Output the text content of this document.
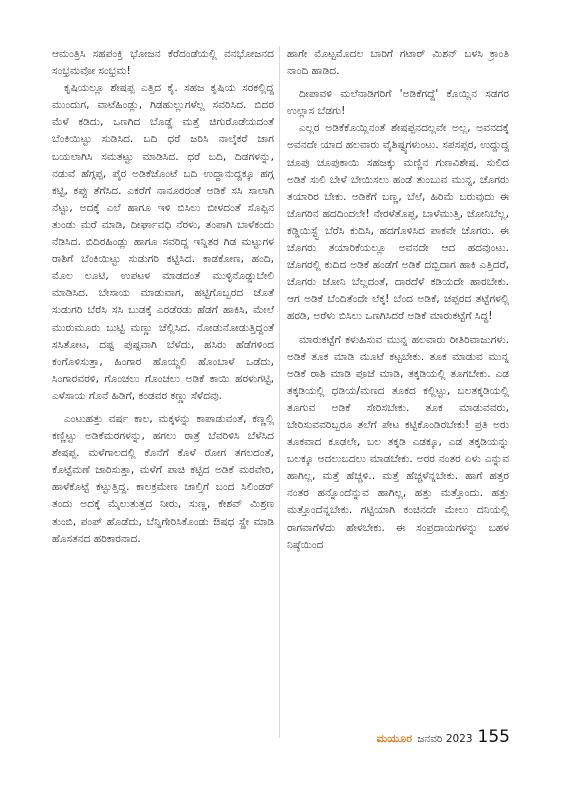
ಆಮಂತ್ರಿಸಿ ಸಹಪಂಕ್ತಿ ಭೋಜನ ಕೆರೆದಂಡೆಯಲ್ಲಿ ವನಭೋಜನದ ಸಂಭ್ರಮವೋ ಸಂಭ್ರಮ!

ಕೃಷಿಯಲ್ಲೂ ಶೇಷಪ್ಪ ಎತ್ತಿದ ಕೈ. ಸಹಜ ಕೃಷಿಯ ಸರಕಲ್ಲಿದ್ದ ಮುಂದುಗ, ವಾಟೆಹಿಂಡ್ಲು, ಗಿಡಹುಲ್ಲುಗಳೆಲ್ಲ ಸವರಿಸಿದ. ಬಿದರ ಮೆಳೆ ಕಡಿದು, ಒಣಗಿದ ಬೊಡ್ಡೆ ಮತ್ತೆ ಚಿಗುರೊಡೆಯದಂತೆ ಬೆಂಕಿಯಿಟ್ಟು ಸುಡಿಸಿದ. ಬದಿ ಧರೆ ಜರಿಸಿ ನಾಲ್ಕೆಕರೆ ಜಾಗ ಬಯಲಾಗಿಸಿ ಸಮತಟ್ಟು ಮಾಡಿಸಿದ. ಧರೆ ಬದಿ, ದಿಡಗಳನ್ನು, ನಡುವೆ ಹೆಗ್ಗಪ್ಪ, ಪೈರ ಅಡಿಕೆಜೊಂಟೆ ಬದಿ ಉದ್ದಾನುದ್ದಕ್ಕೂ ಹಗ್ಗ ಕಟ್ಟಿ, ಕಪ್ಪು ತೆಗೆಸಿದ. ಎಕರೆಗೆ ನಾನೂರರಂತೆ ಅಡಿಕೆ ಸಸಿ ಸಾಲಾಗಿ ನೆಟ್ಟು, ಅದಕ್ಕೆ ಎಲೆ ಹಾಗೂ ಇಳಿ ಬಿಸಿಲು ಬೀಳದಂತೆ ಸೊಪ್ಪಿನ ತುಂಡು ಮರೆ ಮಾಡಿ, ದೀರ್ಘಾವಧಿ ನೆರಳು, ತಂಪಾಗಿ ಬಾಳೆಕಂದು ನೆಡಿಸಿದ. ಬಿದಿರಹಿಂಡ್ಲು ಹಾಗೂ ಸವರಿದ್ದ ಇನ್ನಿತರ ಗಿಡ ಮಟ್ಟುಗಳ ರಾಶಿಗೆ ಬೆಂಕಿಯಿಟ್ಟು ಸುಡುಗರಿ ಕಟ್ಟಿಸಿದ. ಕಾಡಕೋಣ, ಹಂದಿ, ಮೊಲ ಲೂಟಿ, ಉಪಟಳ ಮಾಡದಂತೆ ಮುಳ್ಳಿನೊಡ್ಡುಬೇಲಿ ಮಾಡಿಸಿದ. ಬೇಸಾಯ ಮಾಡುವಾಗ, ಹಟ್ಟಿಗೊಬ್ಬರದ ಜೊತೆ ಸುಡುಗರಿ ಬೆರೆಸಿ ಸಸಿ ಬುಡಕ್ಕೆ ಎರಡೆರಡು ಹೆಡಗೆ ಹಾಕಿಸಿ, ಮೇಲೆ ಮುರುಮೂರು ಬುಟ್ಟಿ ಮಣ್ಣು ಚೆಲ್ಲಿಸಿದ. ನೋಡುನೋಡುತ್ತಿದ್ದಂತೆ ಸಸಿತೋಟ, ದಷ್ಟ ಪುಷ್ಪವಾಗಿ ಬೆಳೆದು, ಹಸಿರು ಹೆಡೆಗಳಿಂದ ಕಂಗೊಳಿಸುತ್ತಾ, ಹಿಂಗಾರ ಹೊಯ್ದಲಿ ಹೊಂಬಾಳೆ ಒಡೆದು, ಸಿಂಗಾರವರಳಿ, ಗೊಂಚಲು ಗೊಂಚಲು ಅಡಿಕೆ ಕಾಯಿ ಹರಳುಗಟ್ಟಿ, ಎಳೆಸಾಯ ಗೊನೆ ಹಿಡಿಗೆ, ಕಂಡವರ ಕಣ್ಣು ಸೆಳೆದವು.

ಎಂಟುಹತ್ತು ವರ್ಷ ಕಾಲ, ಮಕ್ಕಳನ್ನು ಕಾಪಾಡುವಂತೆ, ಕಣ್ಣಲ್ಲಿ ಕಣ್ಣಿಟ್ಟು ಅಡಿಕೆಮರಗಳನ್ನು, ಹಗಲು ರಾತ್ರೆ ಬೆವರಿಳಿಸಿ ಬೆಳೆಸಿದ ಶೇಷಪ್ಪ. ಮಳೆಗಾಲದಲ್ಲಿ ಕೊನೆಗೆ ಕೊಳೆ ರೋಗ ತಗಲದಂತೆ, ಕೊಟ್ಟೆಮಣೆ ಜಾರಿಸುತ್ತಾ, ಮಳೆಗೆ ಪಾಚಿ ಕಟ್ಟಿದ ಅಡಿಕೆ ಮರವೇರಿ, ಹಾಳೆಕೊಟ್ಟೆ ಕಟ್ಟುತ್ತಿದ್ದ. ಕಾಲಕ್ರಮೇಣ ಚಾಲ್ತಿಗೆ ಬಂದ ಸಿಲಿಂಡರ್ ತಂದು ಅದಕ್ಕೆ ಮೈಲುತುತ್ತದ ನೀರು, ಸುಣ್ಣ, ಕೇಶವ್ ಮಿಶ್ರಣ ತುಂಬಿ, ಪಂಪ್ ಹೊಡೆದು, ಬೆನ್ನಿಗೇರಿಸಿಕೊಂಡು ಔಷಧ ಸ್ಪ್ರೇ ಮಾಡಿ ಹೊಸತನದ ಹರಿಕಾರನಾದ.

ಹಾಗೇ ಮೊಟ್ಟಮೊದಲ ಬಾರಿಗೆ ಗಟಾರ್ ಮಿಶನ್ ಬಳಸಿ ಕ್ರಾಂತಿ ನಾಂದಿ ಹಾಡಿದ.

ದೀಪಾವಳಿ ಮಲೆನಾಡಿಗರಿಗೆ 'ಅಡಿಕೆಗದ್ದೆ' ಕೊಯ್ಲಿನ ಸಡಗರ ಉಲ್ಲಾಸ ಬೆಡಗು!

ಎಲ್ಲರ ಅಡಿಕೆಕೊಯ್ಲಿನಂತೆ ಶೇಷಪ್ಪನದಲ್ಲವೇ ಅಲ್ಲ, ಅವನದಕ್ಕೆ ಅವನದೇ ಯಾದ ಹಲವಾರು ವೈಶಿಷ್ಟ್ಯಗಳುಂಟು. ಸಪಸಪ್ಪರ, ಉದ್ದುದ್ದ ಚೂಪು ಚೂಪುಕಾಯಿ ಸಹಜಕ್ಕು ಮಣ್ಣಿನ ಗುಣವಿಶೇಷ. ಸುಲಿದ ಅಡಿಕೆ ಸುಲಿ ಬೇಳೆ ಬೇಯಿಸಲು ಹಂಡೆ ತುಂಬುವ ಮುನ್ನ, ಚೊಗರು ತಯಾರಿರ ಬೇಕು. ಅಡಿಕೆಗೆ ಬಣ್ಣ, ಬೆಲೆ, ಹಿರಿಮೆ ಬರುವುದು ಈ ಚೊಗರಿನ ಹದದಿಂದಲೇ! ನೇರಳೆತೊಪ್ಪ, ಬಾಳೆಮುತ್ತಿ, ಜೋನಿಬೆಲ್ಲ, ಕಡ್ಡಿಯಿಸ್ಟ್ಟೆ ಬೆರೆಸಿ ಕುದಿಸಿ, ಹದಗೊಳಿಸಿದ ಪಾಕವೇ ಚೊಗರು. ಈ ಚೊಗರು ತಯಾರಿಕೆಯಲ್ಲೂ ಅವನದೇ ಆದ ಹದವುಂಟು. ಚೊಗರಲ್ಲಿ ಕುದಿದ ಅಡಿಕೆ ಹಂಡೆಗೆ ಅಡಿಕೆ ದಬ್ಬಿದಾಗ ಹಾಕಿ ಎತ್ತಿದರೆ, ಚೊಗರು ಜೋನಿ ಬೆಲ್ಲದಂತೆ, ದಾರದೆಳೆ ಕಡಿಯದೇ ಹಾರಬೇಕು. ಆಗ ಅಡಿಕೆ ಬೆಂದಿತೆಂದೇ ಲೆಕ್ಕ! ಬೆಂದ ಅಡಿಕೆ, ಚಪ್ಪರದ ತಟ್ಟೆಗಳಲ್ಲಿ ಹರಡಿ, ಅರೆಳು ಬಿಸಿಲು ಒಣಗಿಸಿದರೆ ಅಡಿಕೆ ಮಾರುಕಟ್ಟೆಗೆ ಸಿದ್ಧ!

ಮಾರುಕಟ್ಟೆಗೆ ಕಳುಹಿಸುವ ಮುನ್ನ ಹಲವಾರು ರೀತಿರಿವಾಜುಗಳು. ಅಡಿಕೆ ತೂಕ ಮಾಡಿ ಮೂಟೆ ಕಟ್ಟಬೇಕು. ತೂಕ ಮಾಡುವ ಮುನ್ನ ಅಡಿಕೆ ರಾಶಿ ಮಾಡಿ ಪೂಜೆ ಮಾಡಿ, ತಕ್ಕಡಿಯಲ್ಲಿ ತೂಗಬೇಕು. ಎಡ ತಕ್ಕಡಿಯಲ್ಲಿ ಧಡಿಯ/ಮಣದ ತೂಕದ ಕಲ್ಲಿಟ್ಟು, ಬಲತಕ್ಕಡಿಯಲ್ಲಿ ತೂಗುವ ಅಡಿಕೆ ಸೇರಿಸಬೇಕು. ತೂಕ ಮಾಡುವವರು, ಬೇರಿಸುವವರಿಬ್ಬರೂ ತಲೆಗೆ ಪೇಟ ಕಟ್ಟಿಕೊಂಡಿರಬೇಕು! ಪ್ರತಿ ಅರು ತೂಕವಾದ ಕೂಡಲೇ, ಬಲ ತಕ್ಕಡಿ ಎಡಕ್ಕೂ, ಎಡ ತಕ್ಕಡಿಯನ್ನು ಬಲಕ್ಕೂ ಅದಲುಬದಲು ಮಾಡಬೇಕು. ಅರರ ನಂತರ ಏಳು ಎನ್ನುವ ಹಾಗಿಲ್ಲ, ಮತ್ತೆ ಹೆಚ್ಚಳಿ.. ಮತ್ತೆ ಹೆಚ್ಚಳೆನ್ನಬೇಕು. ಹಾಗೆ ಹತ್ತರ ನಂತರ ಹನ್ನೊಂದೆನ್ನುವ ಹಾಗಿಲ್ಲ, ಹತ್ತು ಮತ್ತೊಂದು. ಹತ್ತು ಮತ್ತೊಂದೆನ್ನಬೇಕು. ಗಟ್ಟಿಯಾಗಿ ಕಂಚಿನದೇ ಮೇಲು ದನಿಯಲ್ಲಿ ರಾಗವಾಗೆಳೆದು ಹೇಳಬೇಕು. ಈ ಸಂಪ್ರದಾಯಗಳನ್ನು ಬಹಳ ನಿಷ್ಠೆಯಿಂದ

ಮಯೂರ ಜನವರಿ 2023 155
